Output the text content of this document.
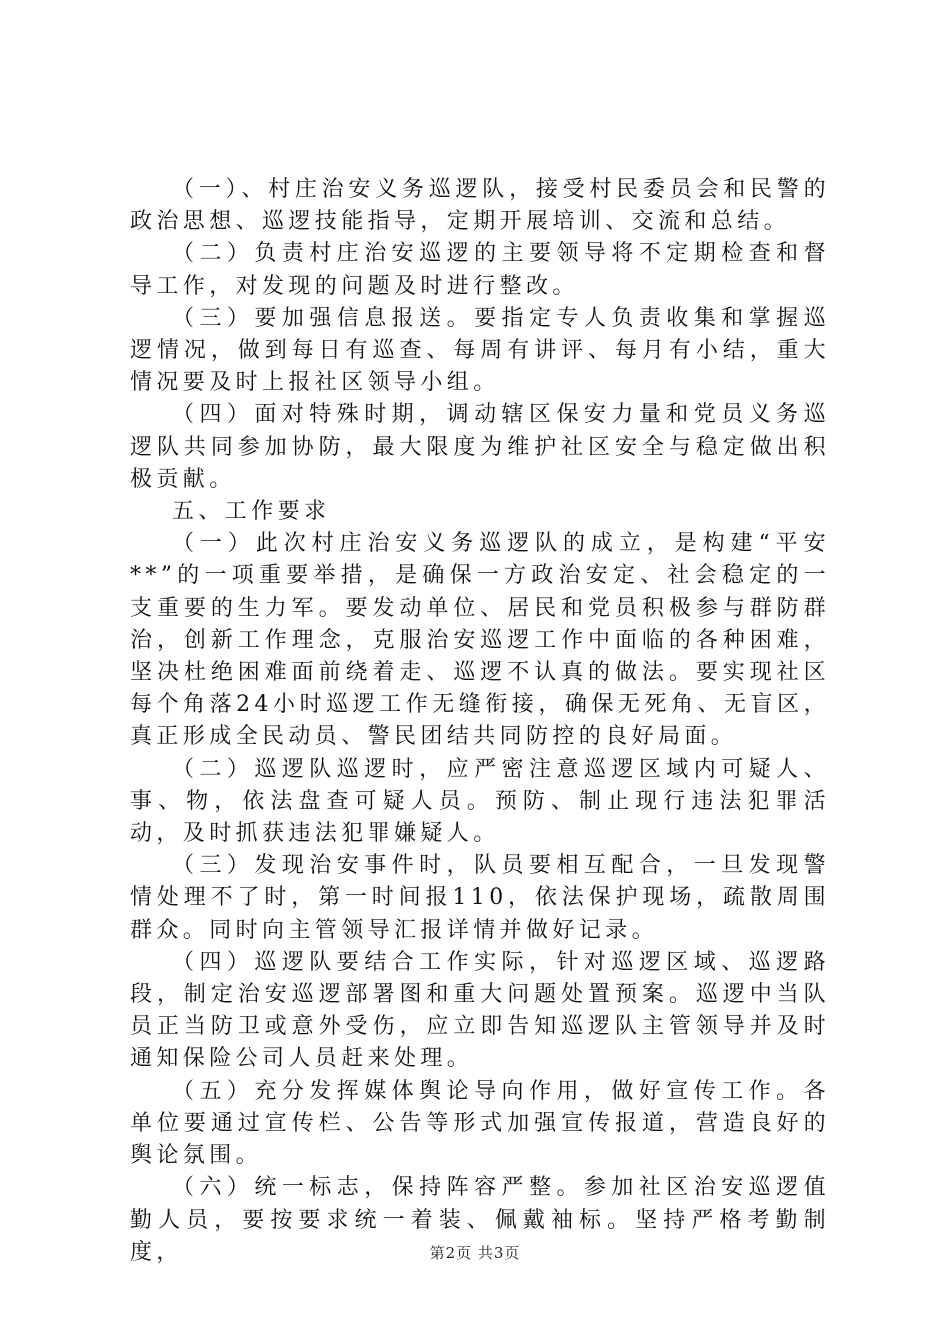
（一）、村庄治安义务巡逻队，接受村民委员会和民警的政治思想、巡逻技能指导，定期开展培训、交流和总结。

（二）负责村庄治安巡逻的主要领导将不定期检查和督导工作，对发现的问题及时进行整改。

（三）要加强信息报送。要指定专人负责收集和掌握巡逻情况，做到每日有巡查、每周有讲评、每月有小结，重大情况要及时上报社区领导小组。

（四）面对特殊时期，调动辖区保安力量和党员义务巡逻队共同参加协防，最大限度为维护社区安全与稳定做出积极贡献。

五、工作要求

（一）此次村庄治安义务巡逻队的成立，是构建“平安**”的一项重要举措，是确保一方政治安定、社会稳定的一支重要的生力军。要发动单位、居民和党员积极参与群防群治，创新工作理念，克服治安巡逻工作中面临的各种困难，坚决杜绝困难面前绕着走、巡逻不认真的做法。要实现社区每个角落24小时巡逻工作无缝衔接，确保无死角、无盲区，真正形成全民动员、警民团结共同防控的良好局面。

（二）巡逻队巡逻时，应严密注意巡逻区域内可疑人、事、物，依法盘查可疑人员。预防、制止现行违法犯罪活动，及时抓获违法犯罪嫌疑人。

（三）发现治安事件时，队员要相互配合，一旦发现警情处理不了时，第一时间报110，依法保护现场，疏散周围群众。同时向主管领导汇报详情并做好记录。

（四）巡逻队要结合工作实际，针对巡逻区域、巡逻路段，制定治安巡逻部署图和重大问题处置预案。巡逻中当队员正当防卫或意外受伤，应立即告知巡逻队主管领导并及时通知保险公司人员赶来处理。

（五）充分发挥媒体舆论导向作用，做好宣传工作。各单位要通过宣传栏、公告等形式加强宣传报道，营造良好的舆论氛围。

（六）统一标志，保持阵容严整。参加社区治安巡逻值勤人员，要按要求统一着装、佩戴袖标。坚持严格考勤制度，	第2页 共3页
